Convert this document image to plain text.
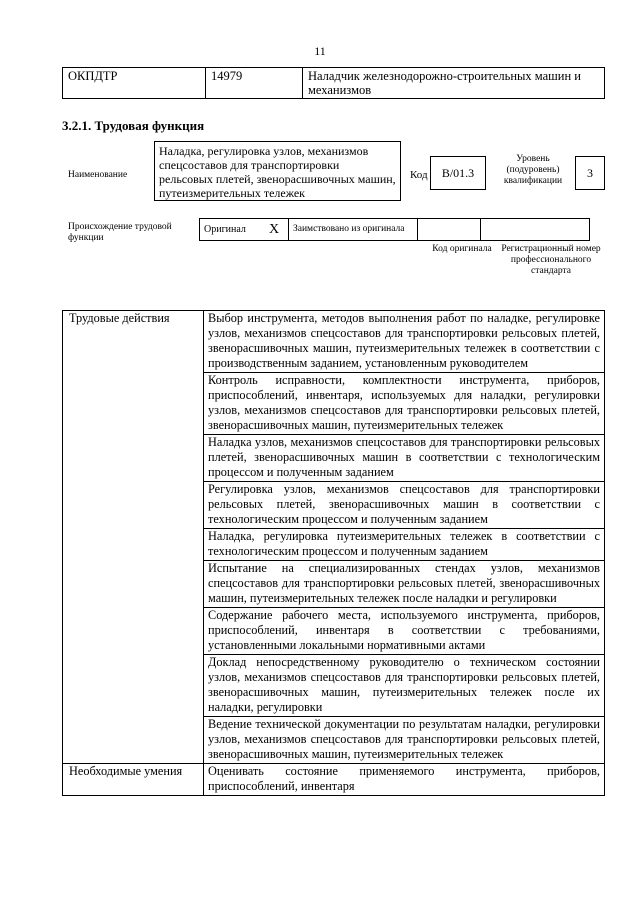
11
ОКПДТР	14979	Наладчик железнодорожно-строительных машин и механизмов
3.2.1. Трудовая функция
Наименование
Наладка, регулировка узлов, механизмов спецсоставов для транспортировки рельсовых плетей, звенорасшивочных машин, путеизмерительных тележек
Код	B/01.3
Уровень (подуровень) квалификации
3
Происхождение трудовой функции
Оригинал	X	Заимствовано из оригинала		
Код оригинала	Регистрационный номер профессионального стандарта
Трудовые действия	Выбор инструмента, методов выполнения работ по наладке, регулировке узлов, механизмов спецсоставов для транспортировки рельсовых плетей, звенорасшивочных машин, путеизмерительных тележек в соответствии с производственным заданием, установленным руководителем
	Контроль исправности, комплектности инструмента, приборов, приспособлений, инвентаря, используемых для наладки, регулировки узлов, механизмов спецсоставов для транспортировки рельсовых плетей, звенорасшивочных машин, путеизмерительных тележек
	Наладка узлов, механизмов спецсоставов для транспортировки рельсовых плетей, звенорасшивочных машин в соответствии с технологическим процессом и полученным заданием
	Регулировка узлов, механизмов спецсоставов для транспортировки рельсовых плетей, звенорасшивочных машин в соответствии с технологическим процессом и полученным заданием
	Наладка, регулировка путеизмерительных тележек в соответствии с технологическим процессом и полученным заданием
	Испытание на специализированных стендах узлов, механизмов спецсоставов для транспортировки рельсовых плетей, звенорасшивочных машин, путеизмерительных тележек после наладки и регулировки
	Содержание рабочего места, используемого инструмента, приборов, приспособлений, инвентаря в соответствии с требованиями, установленными локальными нормативными актами
	Доклад непосредственному руководителю о техническом состоянии узлов, механизмов спецсоставов для транспортировки рельсовых плетей, звенорасшивочных машин, путеизмерительных тележек после их наладки, регулировки
	Ведение технической документации по результатам наладки, регулировки узлов, механизмов спецсоставов для транспортировки рельсовых плетей, звенорасшивочных машин, путеизмерительных тележек
Необходимые умения	Оценивать состояние применяемого инструмента, приборов, приспособлений, инвентаря
